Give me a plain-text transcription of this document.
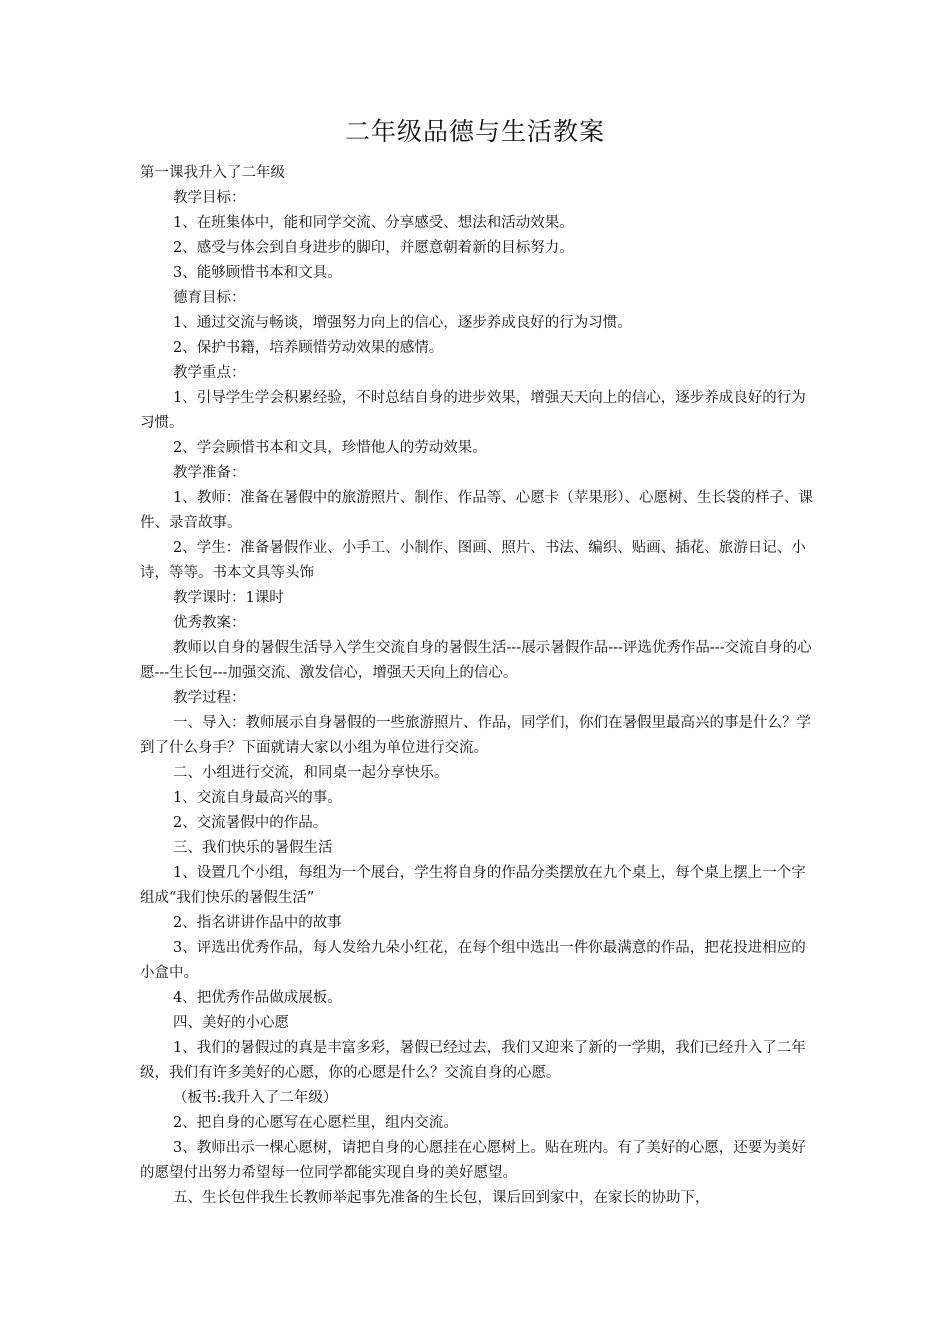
二年级品德与生活教案

第一课我升入了二年级

教学目标：

1、在班集体中，能和同学交流、分享感受、想法和活动效果。

2、感受与体会到自身进步的脚印，并愿意朝着新的目标努力。

3、能够顾惜书本和文具。

德育目标：

1、通过交流与畅谈，增强努力向上的信心，逐步养成良好的行为习惯。

2、保护书籍，培养顾惜劳动效果的感情。

教学重点：

1、引导学生学会积累经验，不时总结自身的进步效果，增强天天向上的信心，逐步养成良好的行为习惯。

2、学会顾惜书本和文具，珍惜他人的劳动效果。

教学准备：

1、教师：准备在暑假中的旅游照片、制作、作品等、心愿卡（苹果形）、心愿树、生长袋的样子、课件、录音故事。

2、学生：准备暑假作业、小手工、小制作、图画、照片、书法、编织、贴画、插花、旅游日记、小诗，等等。书本文具等头饰

教学课时：1课时

优秀教案：

教师以自身的暑假生活导入学生交流自身的暑假生活---展示暑假作品---评选优秀作品---交流自身的心愿---生长包---加强交流、激发信心，增强天天向上的信心。

教学过程：

一、导入：教师展示自身暑假的一些旅游照片、作品，同学们，你们在暑假里最高兴的事是什么？学到了什么身手？下面就请大家以小组为单位进行交流。

二、小组进行交流，和同桌一起分享快乐。

1、交流自身最高兴的事。

2、交流暑假中的作品。

三、我们快乐的暑假生活

1、设置几个小组，每组为一个展台，学生将自身的作品分类摆放在九个桌上，每个桌上摆上一个字组成“我们快乐的暑假生活”

2、指名讲讲作品中的故事

3、评选出优秀作品，每人发给九朵小红花，在每个组中选出一件你最满意的作品，把花投进相应的小盒中。

4、把优秀作品做成展板。

四、美好的小心愿

1、我们的暑假过的真是丰富多彩，暑假已经过去，我们又迎来了新的一学期，我们已经升入了二年级，我们有许多美好的心愿，你的心愿是什么？交流自身的心愿。

（板书:我升入了二年级）

2、把自身的心愿写在心愿栏里，组内交流。

3、教师出示一棵心愿树，请把自身的心愿挂在心愿树上。贴在班内。有了美好的心愿，还要为美好的愿望付出努力希望每一位同学都能实现自身的美好愿望。

五、生长包伴我生长教师举起事先准备的生长包，课后回到家中，在家长的协助下，
